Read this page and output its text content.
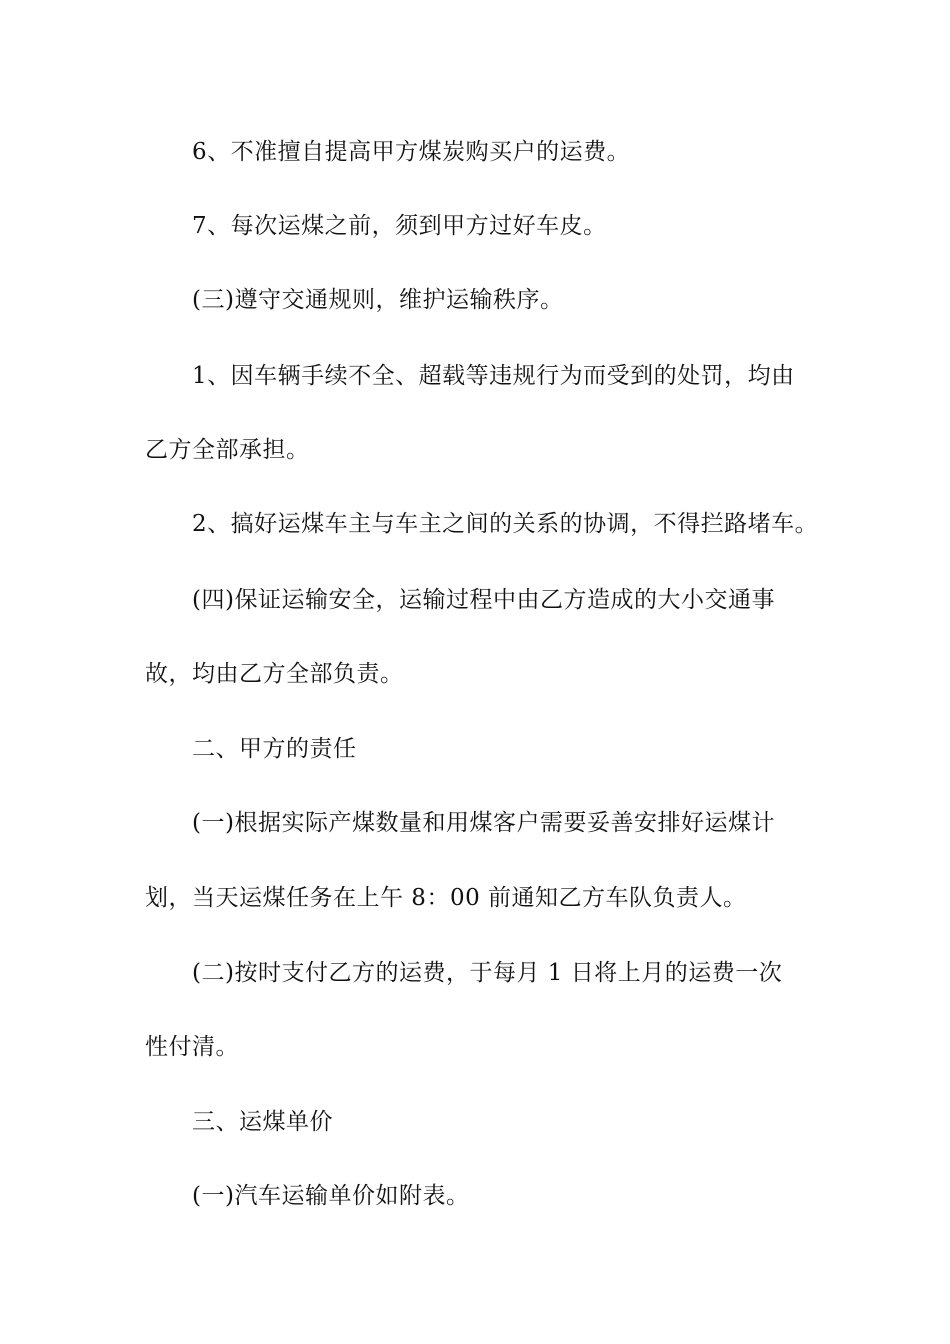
6、不准擅自提高甲方煤炭购买户的运费。
7、每次运煤之前，须到甲方过好车皮。
(三)遵守交通规则，维护运输秩序。
1、因车辆手续不全、超载等违规行为而受到的处罚，均由
乙方全部承担。
2、搞好运煤车主与车主之间的关系的协调，不得拦路堵车。
(四)保证运输安全，运输过程中由乙方造成的大小交通事
故，均由乙方全部负责。
二、甲方的责任
(一)根据实际产煤数量和用煤客户需要妥善安排好运煤计
划，当天运煤任务在上午 8：00 前通知乙方车队负责人。
(二)按时支付乙方的运费，于每月 1 日将上月的运费一次
性付清。
三、运煤单价
(一)汽车运输单价如附表。
